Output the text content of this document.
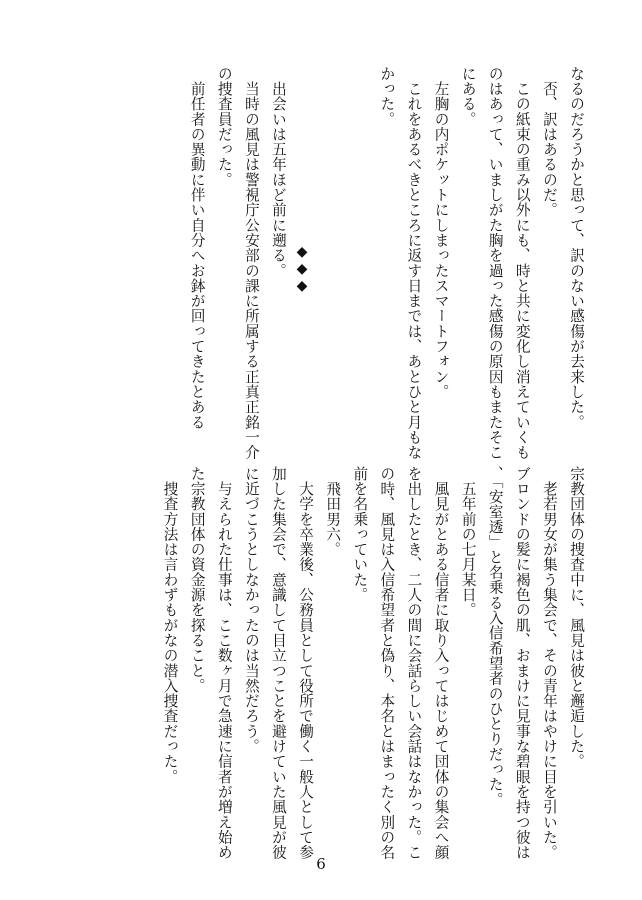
なるのだろうかと思って、訳のない感傷が去来した。

　否、訳はあるのだ。

　この紙束の重み以外にも、時と共に変化し消えていくも
のはあって、いましがた胸を過った感傷の原因もまたそこ
にある。

　左胸の内ポケットにしまったスマートフォン。

　これをあるべきところに返す日までは、あとひと月もな
かった。

　出会いは五年ほど前に遡る。

　当時の風見は警視庁公安部の課に所属する正真正銘一介
の捜査員だった。

　前任者の異動に伴い自分へお鉢が回ってきたとある	◆◆◆

宗教団体の捜査中に、風見は彼と邂逅した。

　老若男女が集う集会で、その青年はやけに目を引いた。
ブロンドの髪に褐色の肌、おまけに見事な碧眼を持つ彼は
、「安室透」と名乗る入信希望者のひとりだった。

　五年前の七月某日。

　風見がとある信者に取り入ってはじめて団体の集会へ顔
を出したとき、二人の間に会話らしい会話はなかった。こ
の時、風見は入信希望者と偽り、本名とはまったく別の名
前を名乗っていた。

　飛田男六。

　大学を卒業後、公務員として役所で働く一般人として参
加した集会で、意識して目立つことを避けていた風見が彼
に近づこうとしなかったのは当然だろう。

　与えられた仕事は、ここ数ヶ月で急速に信者が増え始め
た宗教団体の資金源を探ること。

　捜査方法は言わずもがなの潜入捜査だった。

6
